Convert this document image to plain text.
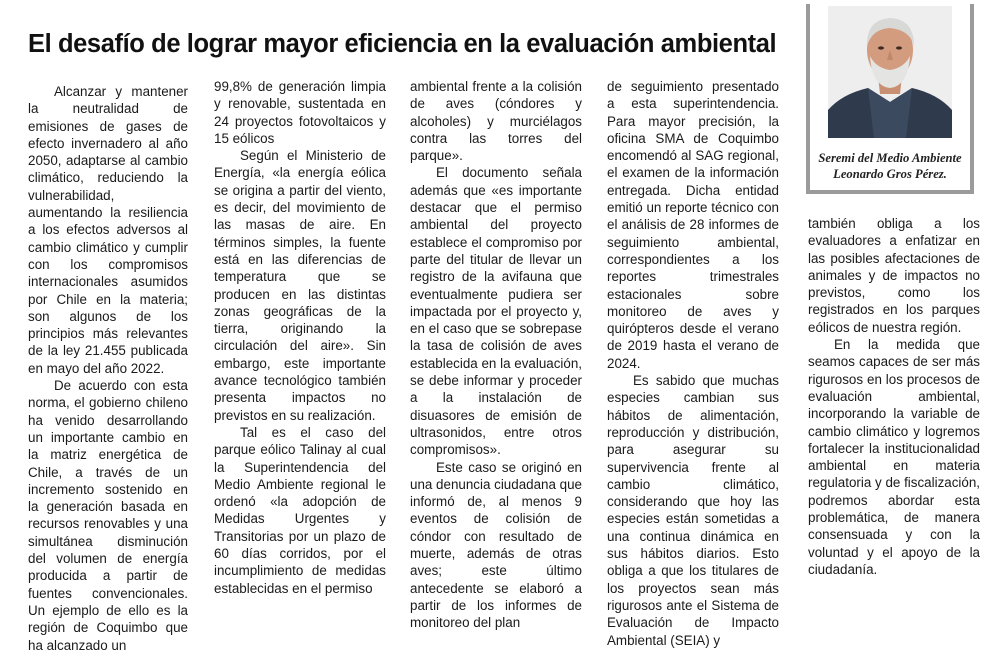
El desafío de lograr mayor eficiencia en la evaluación ambiental

Alcanzar y mantener la neutralidad de emisiones de gases de efecto invernadero al año 2050, adaptarse al cambio climático, reduciendo la vulnerabilidad, aumentando la resiliencia a los efectos adversos al cambio climático y cumplir con los compromisos internacionales asumidos por Chile en la materia; son algunos de los principios más relevantes de la ley 21.455 publicada en mayo del año 2022.

De acuerdo con esta norma, el gobierno chileno ha venido desarrollando un importante cambio en la matriz energética de Chile, a través de un incremento sostenido en la generación basada en recursos renovables y una simultánea disminución del volumen de energía producida a partir de fuentes convencionales. Un ejemplo de ello es la región de Coquimbo que ha alcanzado un

99,8% de generación limpia y renovable, sustentada en 24 proyectos fotovoltaicos y 15 eólicos

Según el Ministerio de Energía, «la energía eólica se origina a partir del viento, es decir, del movimiento de las masas de aire. En términos simples, la fuente está en las diferencias de temperatura que se producen en las distintas zonas geográficas de la tierra, originando la circulación del aire». Sin embargo, este importante avance tecnológico también presenta impactos no previstos en su realización.

Tal es el caso del parque eólico Talinay al cual la Superintendencia del Medio Ambiente regional le ordenó «la adopción de Medidas Urgentes y Transitorias por un plazo de 60 días corridos, por el incumplimiento de medidas establecidas en el permiso

ambiental frente a la colisión de aves (cóndores y alcoholes) y murciélagos contra las torres del parque».

El documento señala además que «es importante destacar que el permiso ambiental del proyecto establece el compromiso por parte del titular de llevar un registro de la avifauna que eventualmente pudiera ser impactada por el proyecto y, en el caso que se sobrepase la tasa de colisión de aves establecida en la evaluación, se debe informar y proceder a la instalación de disuasores de emisión de ultrasonidos, entre otros compromisos».

Este caso se originó en una denuncia ciudadana que informó de, al menos 9 eventos de colisión de cóndor con resultado de muerte, además de otras aves; este último antecedente se elaboró a partir de los informes de monitoreo del plan

de seguimiento presentado a esta superintendencia. Para mayor precisión, la oficina SMA de Coquimbo encomendó al SAG regional, el examen de la información entregada. Dicha entidad emitió un reporte técnico con el análisis de 28 informes de seguimiento ambiental, correspondientes a los reportes trimestrales estacionales sobre monitoreo de aves y quirópteros desde el verano de 2019 hasta el verano de 2024.

Es sabido que muchas especies cambian sus hábitos de alimentación, reproducción y distribución, para asegurar su supervivencia frente al cambio climático, considerando que hoy las especies están sometidas a una continua dinámica en sus hábitos diarios. Esto obliga a que los titulares de los proyectos sean más rigurosos ante el Sistema de Evaluación de Impacto Ambiental (SEIA) y

Seremi del Medio Ambiente
Leonardo Gros Pérez.

también obliga a los evaluadores a enfatizar en las posibles afectaciones de animales y de impactos no previstos, como los registrados en los parques eólicos de nuestra región.

En la medida que seamos capaces de ser más rigurosos en los procesos de evaluación ambiental, incorporando la variable de cambio climático y logremos fortalecer la institucionalidad ambiental en materia regulatoria y de fiscalización, podremos abordar esta problemática, de manera consensuada y con la voluntad y el apoyo de la ciudadanía.
